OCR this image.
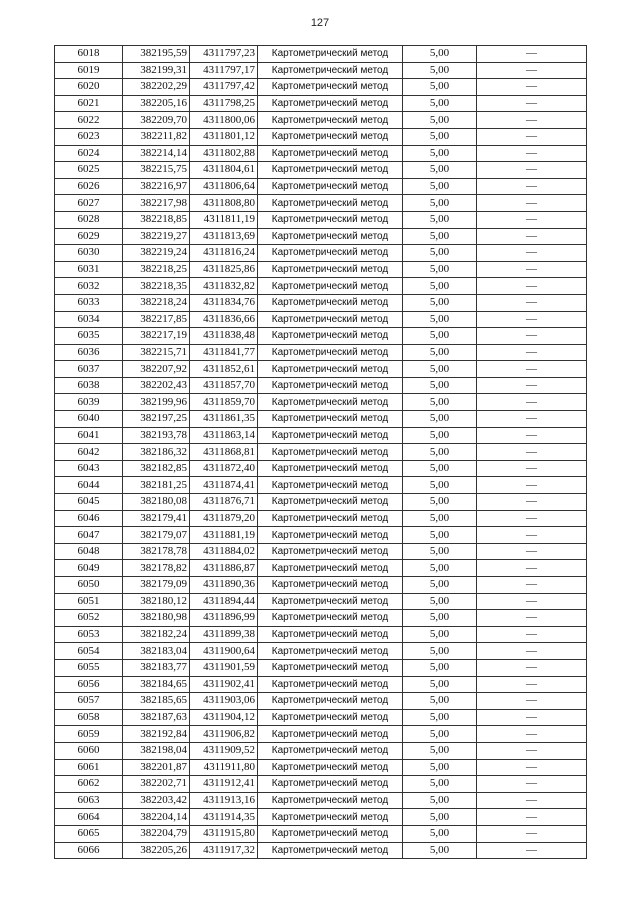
127
6018	382195,59	4311797,23	Картометрический метод	5,00	—
6019	382199,31	4311797,17	Картометрический метод	5,00	—
6020	382202,29	4311797,42	Картометрический метод	5,00	—
6021	382205,16	4311798,25	Картометрический метод	5,00	—
6022	382209,70	4311800,06	Картометрический метод	5,00	—
6023	382211,82	4311801,12	Картометрический метод	5,00	—
6024	382214,14	4311802,88	Картометрический метод	5,00	—
6025	382215,75	4311804,61	Картометрический метод	5,00	—
6026	382216,97	4311806,64	Картометрический метод	5,00	—
6027	382217,98	4311808,80	Картометрический метод	5,00	—
6028	382218,85	4311811,19	Картометрический метод	5,00	—
6029	382219,27	4311813,69	Картометрический метод	5,00	—
6030	382219,24	4311816,24	Картометрический метод	5,00	—
6031	382218,25	4311825,86	Картометрический метод	5,00	—
6032	382218,35	4311832,82	Картометрический метод	5,00	—
6033	382218,24	4311834,76	Картометрический метод	5,00	—
6034	382217,85	4311836,66	Картометрический метод	5,00	—
6035	382217,19	4311838,48	Картометрический метод	5,00	—
6036	382215,71	4311841,77	Картометрический метод	5,00	—
6037	382207,92	4311852,61	Картометрический метод	5,00	—
6038	382202,43	4311857,70	Картометрический метод	5,00	—
6039	382199,96	4311859,70	Картометрический метод	5,00	—
6040	382197,25	4311861,35	Картометрический метод	5,00	—
6041	382193,78	4311863,14	Картометрический метод	5,00	—
6042	382186,32	4311868,81	Картометрический метод	5,00	—
6043	382182,85	4311872,40	Картометрический метод	5,00	—
6044	382181,25	4311874,41	Картометрический метод	5,00	—
6045	382180,08	4311876,71	Картометрический метод	5,00	—
6046	382179,41	4311879,20	Картометрический метод	5,00	—
6047	382179,07	4311881,19	Картометрический метод	5,00	—
6048	382178,78	4311884,02	Картометрический метод	5,00	—
6049	382178,82	4311886,87	Картометрический метод	5,00	—
6050	382179,09	4311890,36	Картометрический метод	5,00	—
6051	382180,12	4311894,44	Картометрический метод	5,00	—
6052	382180,98	4311896,99	Картометрический метод	5,00	—
6053	382182,24	4311899,38	Картометрический метод	5,00	—
6054	382183,04	4311900,64	Картометрический метод	5,00	—
6055	382183,77	4311901,59	Картометрический метод	5,00	—
6056	382184,65	4311902,41	Картометрический метод	5,00	—
6057	382185,65	4311903,06	Картометрический метод	5,00	—
6058	382187,63	4311904,12	Картометрический метод	5,00	—
6059	382192,84	4311906,82	Картометрический метод	5,00	—
6060	382198,04	4311909,52	Картометрический метод	5,00	—
6061	382201,87	4311911,80	Картометрический метод	5,00	—
6062	382202,71	4311912,41	Картометрический метод	5,00	—
6063	382203,42	4311913,16	Картометрический метод	5,00	—
6064	382204,14	4311914,35	Картометрический метод	5,00	—
6065	382204,79	4311915,80	Картометрический метод	5,00	—
6066	382205,26	4311917,32	Картометрический метод	5,00	—
